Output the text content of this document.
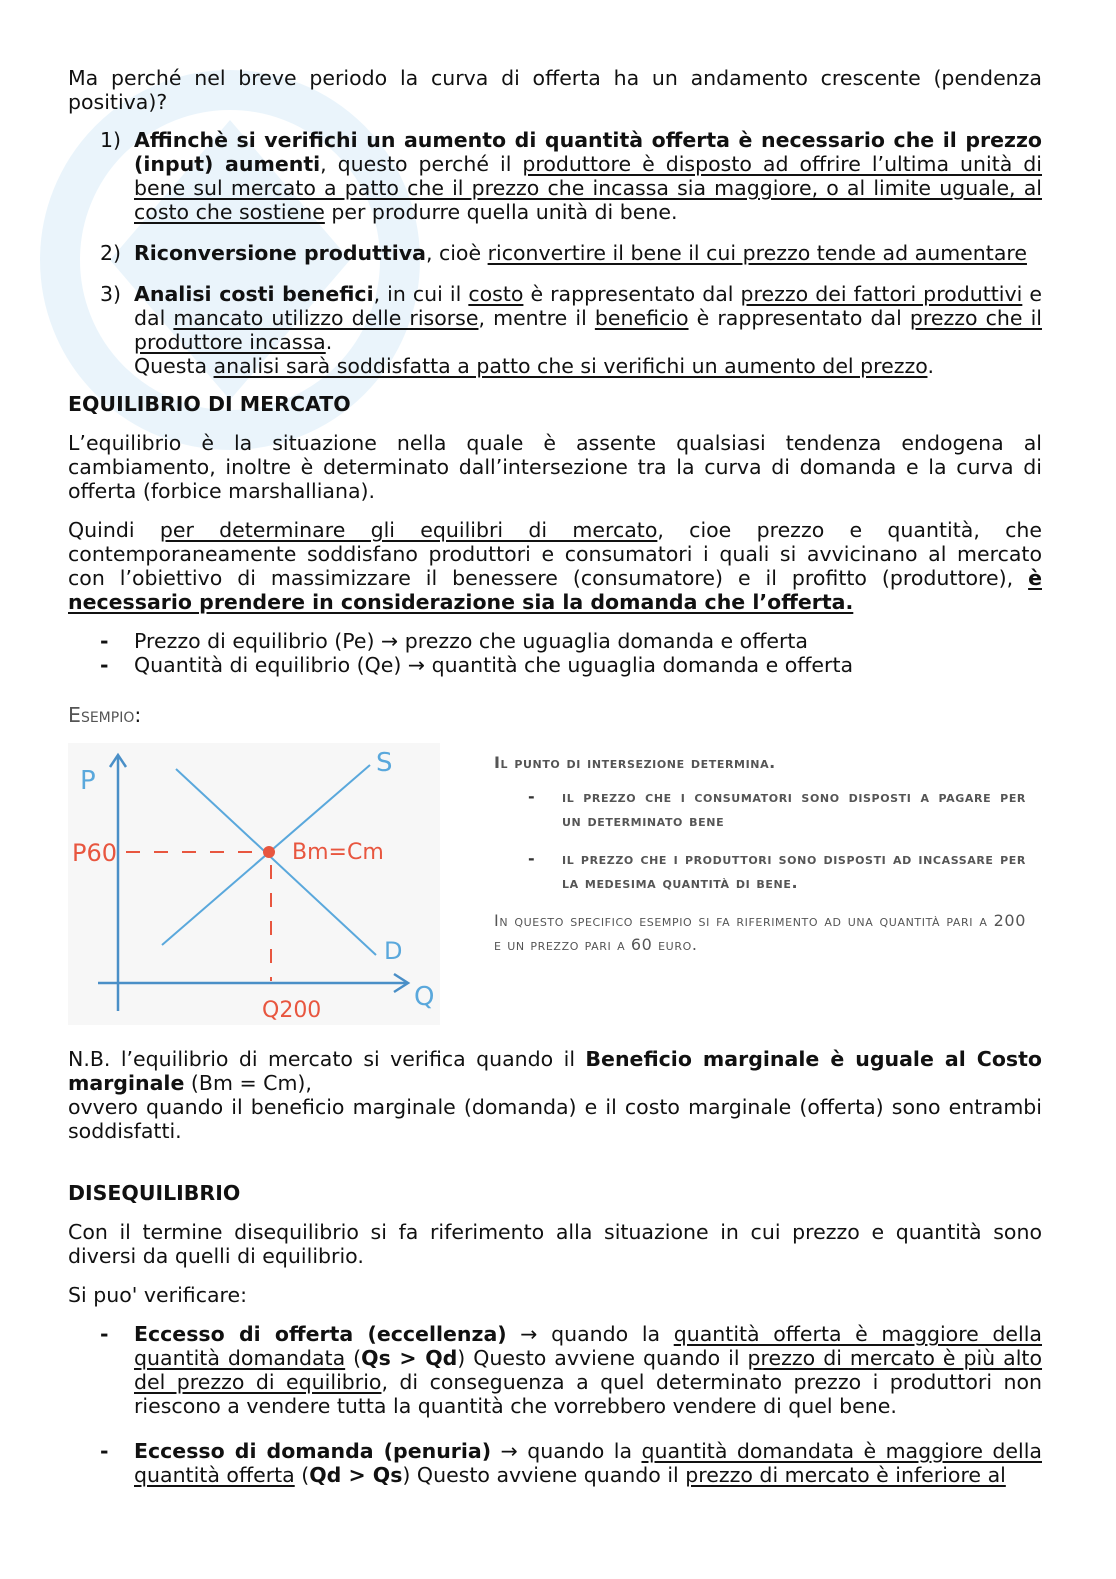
Ma perché nel breve periodo la curva di offerta ha un andamento crescente (pendenza positiva)?

1) Affinchè si verifichi un aumento di quantità offerta è necessario che il prezzo (input) aumenti, questo perché il produttore è disposto ad offrire l’ultima unità di bene sul mercato a patto che il prezzo che incassa sia maggiore, o al limite uguale, al costo che sostiene per produrre quella unità di bene.
2) Riconversione produttiva, cioè riconvertire il bene il cui prezzo tende ad aumentare
3) Analisi costi benefici, in cui il costo è rappresentato dal prezzo dei fattori produttivi e dal mancato utilizzo delle risorse, mentre il beneficio è rappresentato dal prezzo che il produttore incassa.
Questa analisi sarà soddisfatta a patto che si verifichi un aumento del prezzo.

EQUILIBRIO DI MERCATO

L’equilibrio è la situazione nella quale è assente qualsiasi tendenza endogena al cambiamento, inoltre è determinato dall’intersezione tra la curva di domanda e la curva di offerta (forbice marshalliana).

Quindi per determinare gli equilibri di mercato, cioe prezzo e quantità, che contemporaneamente soddisfano produttori e consumatori i quali si avvicinano al mercato con l’obiettivo di massimizzare il benessere (consumatore) e il profitto (produttore), è necessario prendere in considerazione sia la domanda che l’offerta.

- Prezzo di equilibrio (Pe) → prezzo che uguaglia domanda e offerta
- Quantità di equilibrio (Qe) → quantità che uguaglia domanda e offerta

Esempio:

P
Q
S
D
P60
Q200
Bm=Cm
Il punto di intersezione determina.
- il prezzo che i consumatori sono disposti a pagare per un determinato bene
- il prezzo che i produttori sono disposti ad incassare per la medesima quantità di bene.
In questo specifico esempio si fa riferimento ad una quantità pari a 200 e un prezzo pari a 60 euro.

N.B. l’equilibrio di mercato si verifica quando il Beneficio marginale è uguale al Costo marginale (Bm = Cm),
ovvero quando il beneficio marginale (domanda) e il costo marginale (offerta) sono entrambi soddisfatti.

DISEQUILIBRIO

Con il termine disequilibrio si fa riferimento alla situazione in cui prezzo e quantità sono diversi da quelli di equilibrio.

Si puo' verificare:

- Eccesso di offerta (eccellenza) → quando la quantità offerta è maggiore della quantità domandata (Qs > Qd) Questo avviene quando il prezzo di mercato è più alto del prezzo di equilibrio, di conseguenza a quel determinato prezzo i produttori non riescono a vendere tutta la quantità che vorrebbero vendere di quel bene.
- Eccesso di domanda (penuria) → quando la quantità domandata è maggiore della quantità offerta (Qd > Qs) Questo avviene quando il prezzo di mercato è inferiore al
